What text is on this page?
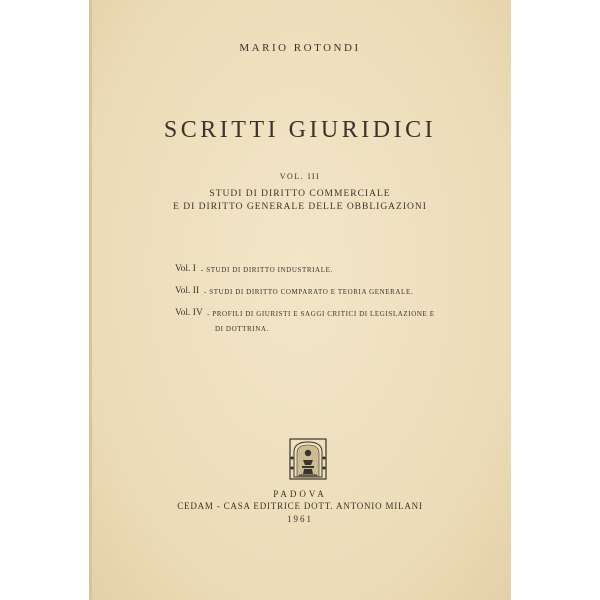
MARIO ROTONDI
SCRITTI GIURIDICI
VOL. III
STUDI DI DIRITTO COMMERCIALE
E DI DIRITTO GENERALE DELLE OBBLIGAZIONI
Vol. I - STUDI DI DIRITTO INDUSTRIALE.
Vol. II - STUDI DI DIRITTO COMPARATO E TEORIA GENERALE.
Vol. IV - PROFILI DI GIURISTI E SAGGI CRITICI DI LEGISLAZIONE E
DI DOTTRINA.
PADOVA
CEDAM - CASA EDITRICE DOTT. ANTONIO MILANI
1961
